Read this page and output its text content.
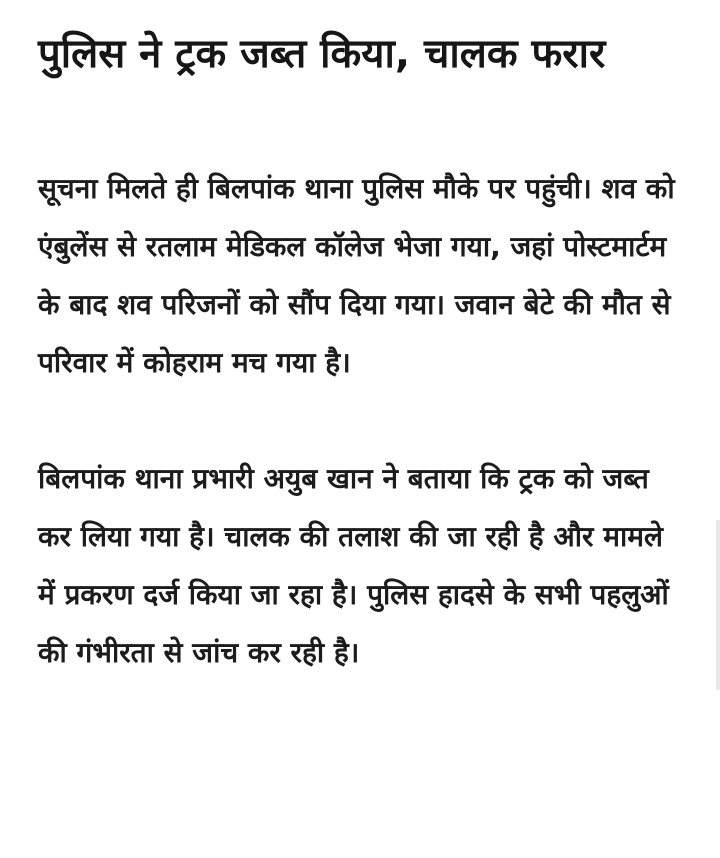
पुलिस ने ट्रक जब्त किया, चालक फरार

सूचना मिलते ही बिलपांक थाना पुलिस मौके पर पहुंची। शव को एंबुलेंस से रतलाम मेडिकल कॉलेज भेजा गया, जहां पोस्टमार्टम के बाद शव परिजनों को सौंप दिया गया। जवान बेटे की मौत से परिवार में कोहराम मच गया है।

बिलपांक थाना प्रभारी अयुब खान ने बताया कि ट्रक को जब्त कर लिया गया है। चालक की तलाश की जा रही है और मामले में प्रकरण दर्ज किया जा रहा है। पुलिस हादसे के सभी पहलुओं की गंभीरता से जांच कर रही है।
